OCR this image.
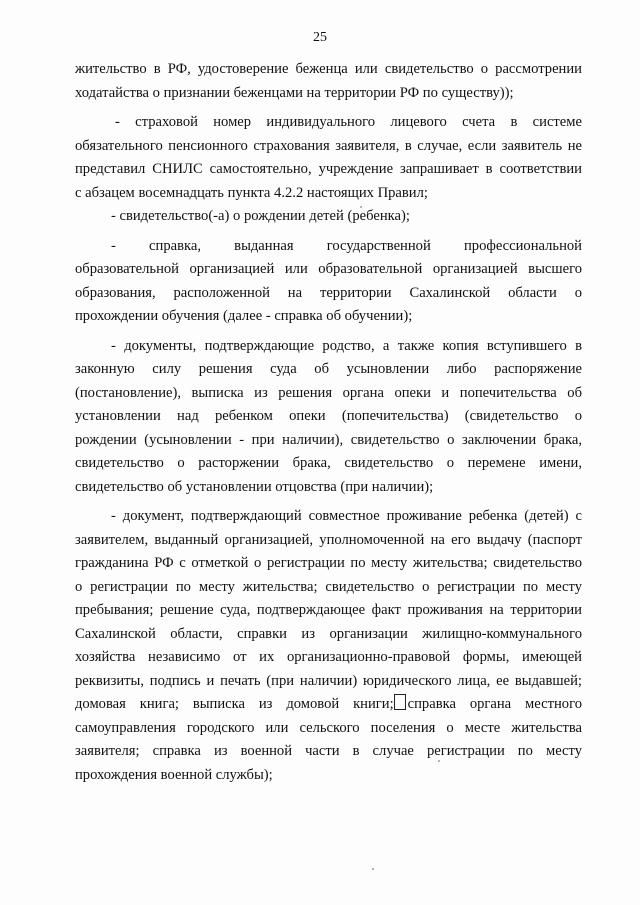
25
жительство в РФ, удостоверение беженца или свидетельство о рассмотрении
ходатайства о признании беженцами на территории РФ по существу));
- страховой номер индивидуального лицевого счета в системе
обязательного пенсионного страхования заявителя, в случае, если заявитель не
представил СНИЛС самостоятельно, учреждение запрашивает в соответствии
с абзацем восемнадцать пункта 4.2.2 настоящих Правил;
- свидетельство(-а) о рождении детей (ребенка);
- справка, выданная государственной профессиональной
образовательной организацией или образовательной организацией высшего
образования, расположенной на территории Сахалинской области о
прохождении обучения (далее - справка об обучении);
- документы, подтверждающие родство, а также копия вступившего в
законную силу решения суда об усыновлении либо распоряжение
(постановление), выписка из решения органа опеки и попечительства об
установлении над ребенком опеки (попечительства) (свидетельство о
рождении (усыновлении - при наличии), свидетельство о заключении брака,
свидетельство о расторжении брака, свидетельство о перемене имени,
свидетельство об установлении отцовства (при наличии);
- документ, подтверждающий совместное проживание ребенка (детей) с
заявителем, выданный организацией, уполномоченной на его выдачу (паспорт
гражданина РФ с отметкой о регистрации по месту жительства; свидетельство
о регистрации по месту жительства; свидетельство о регистрации по месту
пребывания; решение суда, подтверждающее факт проживания на территории
Сахалинской области, справки из организации жилищно-коммунального
хозяйства независимо от их организационно-правовой формы, имеющей
реквизиты, подпись и печать (при наличии) юридического лица, ее выдавшей;
домовая книга; выписка из домовой книги; справка органа местного
самоуправления городского или сельского поселения о месте жительства
заявителя; справка из военной части в случае регистрации по месту
прохождения военной службы);
